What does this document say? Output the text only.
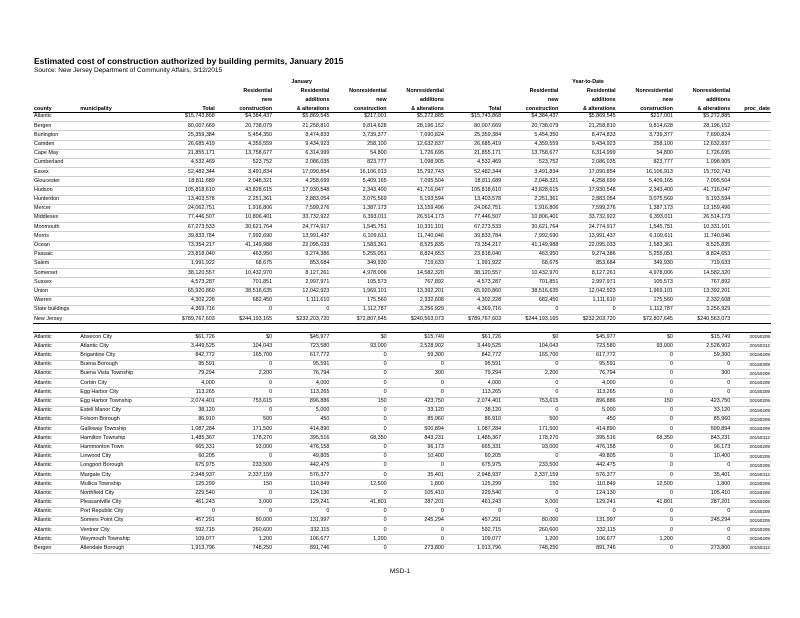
Estimated cost of construction authorized by building permits, January 2015
Source: New Jersey Department of Community Affairs, 3/12/2015
				January					Year-to-Date			
			Residential	Residential	Nonresidential	Nonresidential		Residential	Residential	Nonresidential	Nonresidential	
			new	additions	new	additions		new	additions	new	additions	
county	municipality	Total	construction	& alterations	construction	& alterations	Total	construction	& alterations	construction	& alterations	proc_date
Atlantic		$15,743,868	$4,384,437	$5,869,545	$217,001	$5,272,885	$15,743,868	$4,384,437	$5,869,545	$217,001	$5,272,885	
Bergen		80,007,669	20,738,079	21,258,810	9,814,628	28,196,152	80,007,669	20,738,079	21,258,810	9,814,628	28,196,152	
Burlington		25,359,384	5,454,350	8,474,833	3,739,377	7,690,824	25,359,384	5,454,350	8,474,833	3,739,377	7,690,824	
Camden		26,685,419	4,359,559	9,434,923	258,100	12,632,837	26,685,419	4,359,559	9,434,923	258,100	12,632,837	
Cape May		21,855,171	13,758,677	6,314,999	54,800	1,726,695	21,855,171	13,758,677	6,314,999	54,800	1,726,695	
Cumberland		4,532,469	523,752	2,086,035	823,777	1,098,905	4,532,469	523,752	2,086,035	823,777	1,098,905	
Essex		52,482,344	3,491,834	17,090,854	16,106,913	15,792,743	52,482,344	3,491,834	17,090,854	16,106,913	15,792,743	
Gloucester		18,811,689	2,048,321	4,258,699	5,409,165	7,095,504	18,811,689	2,048,321	4,258,699	5,409,165	7,095,504	
Hudson		105,818,610	43,828,615	17,930,548	2,343,400	41,716,047	105,818,610	43,828,615	17,930,548	2,343,400	41,716,047	
Hunterdon		13,403,578	2,251,361	2,883,054	3,075,569	5,193,594	13,403,578	2,251,361	2,883,054	3,075,569	5,193,594	
Mercer		24,062,751	1,916,806	7,599,276	1,387,173	13,159,496	24,062,751	1,916,806	7,599,276	1,387,173	13,159,496	
Middlesex		77,446,507	10,806,401	33,732,922	6,393,011	26,514,173	77,446,507	10,806,401	33,732,922	6,393,011	26,514,173	
Monmouth		67,273,533	30,621,764	24,774,917	1,545,751	10,331,101	67,273,533	30,621,764	24,774,917	1,545,751	10,331,101	
Morris		39,833,784	7,992,690	13,991,437	6,109,611	11,740,046	39,833,784	7,992,690	13,991,437	6,109,611	11,740,046	
Ocean		73,354,217	41,149,988	22,095,033	1,583,361	8,525,835	73,354,217	41,149,988	22,095,033	1,583,361	8,525,835	
Passaic		23,818,040	463,950	9,274,386	5,255,051	8,824,653	23,818,040	463,950	9,274,386	5,255,051	8,824,653	
Salem		1,991,922	68,675	853,684	349,930	719,633	1,991,922	68,675	853,684	349,930	719,633	
Somerset		38,120,557	10,432,970	8,127,261	4,978,006	14,582,320	38,120,557	10,432,970	8,127,261	4,978,006	14,582,320	
Sussex		4,573,287	701,851	2,997,971	105,573	767,892	4,573,287	701,851	2,997,971	105,573	767,892	
Union		65,920,860	38,516,635	12,042,923	1,969,101	13,392,201	65,920,860	38,516,635	12,042,923	1,969,101	13,392,201	
Warren		4,302,228	682,450	1,111,610	175,560	2,332,608	4,302,228	682,450	1,111,610	175,560	2,332,608	
State buildings		4,369,716	0	0	1,112,787	3,256,929	4,369,716	0	0	1,112,787	3,256,929	
New Jersey		$789,767,603	$244,193,165	$232,203,720	$72,807,645	$240,563,073	$789,767,603	$244,193,165	$232,203,720	$72,807,645	$240,563,073	

Atlantic	Absecon City	$61,726	$0	$45,977	$0	$15,749	$61,726	$0	$45,977	$0	$15,749	20150209
Atlantic	Atlantic City	3,449,525	104,043	723,580	93,000	2,528,902	3,449,525	104,043	723,580	93,000	2,528,902	20150312
Atlantic	Brigantine City	842,772	165,700	617,772	0	59,300	842,772	165,700	617,772	0	59,300	20150209
Atlantic	Buena Borough	95,591	0	95,591	0	0	95,591	0	95,591	0	0	20150309
Atlantic	Buena Vista Township	79,294	2,200	76,794	0	300	79,294	2,200	76,794	0	300	20150209
Atlantic	Corbin City	4,000	0	4,000	0	0	4,000	0	4,000	0	0	20150209
Atlantic	Egg Harbor City	113,265	0	113,265	0	0	113,265	0	113,265	0	0	20150209
Atlantic	Egg Harbor Township	2,074,401	753,615	896,886	150	423,750	2,074,401	753,615	896,886	150	423,750	20150209
Atlantic	Estell Manor City	38,120	0	5,000	0	33,120	38,120	0	5,000	0	33,120	20150209
Atlantic	Folsom Borough	86,910	500	450	0	85,960	86,910	500	450	0	85,960	20150209
Atlantic	Galloway Township	1,087,284	171,500	414,890	0	500,894	1,087,284	171,500	414,890	0	500,894	20150209
Atlantic	Hamilton Township	1,485,367	178,270	395,516	68,350	843,231	1,485,367	178,270	395,516	68,350	843,231	20150312
Atlantic	Hammonton Town	665,331	93,000	476,158	0	96,173	665,331	93,000	476,158	0	96,173	20150209
Atlantic	Linwood City	60,205	0	49,805	0	10,400	60,205	0	49,805	0	10,400	20150209
Atlantic	Longport Borough	675,975	233,500	442,475	0	0	675,975	233,500	442,475	0	0	20150209
Atlantic	Margate City	2,948,937	2,337,159	576,377	0	35,401	2,948,937	2,337,159	576,377	0	35,401	20150312
Atlantic	Mullica Township	125,299	150	110,849	12,500	1,800	125,299	150	110,849	12,500	1,800	20150209
Atlantic	Northfield City	229,540	0	124,130	0	105,410	229,540	0	124,130	0	105,410	20150209
Atlantic	Pleasantville City	461,243	3,000	129,241	41,801	287,201	461,243	3,000	129,241	41,801	287,201	20150209
Atlantic	Port Republic City	0	0	0	0	0	0	0	0	0	0	20150209
Atlantic	Somers Point City	457,291	80,000	131,997	0	245,294	457,291	80,000	131,997	0	245,294	20150209
Atlantic	Ventnor City	592,715	260,600	332,115	0	0	592,715	260,600	332,115	0	0	20150209
Atlantic	Weymouth Township	109,077	1,200	106,677	1,200	0	109,077	1,200	106,677	1,200	0	20150209
Bergen	Allendale Borough	1,913,796	748,250	891,746	0	273,800	1,913,796	748,250	891,746	0	273,800	20150312
MSD-1
